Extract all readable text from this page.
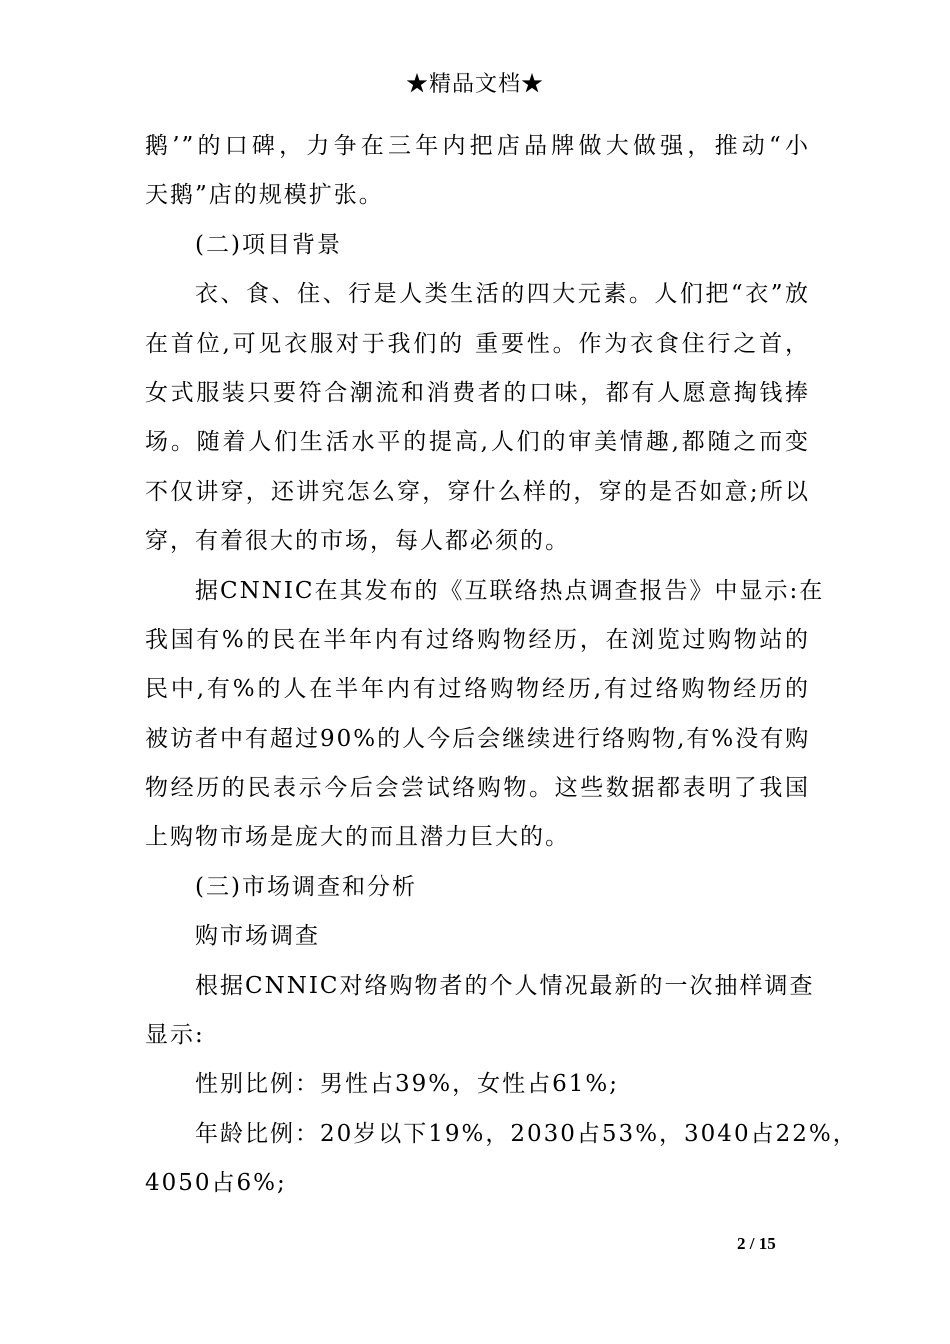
★精品文档★
鹅’”的口碑，力争在三年内把店品牌做大做强，推动“小
天鹅”店的规模扩张。
(二)项目背景
衣、食、住、行是人类生活的四大元素。人们把“衣”放
在首位,可见衣服对于我们的 重要性。作为衣食住行之首，
女式服装只要符合潮流和消费者的口味，都有人愿意掏钱捧
场。随着人们生活水平的提高,人们的审美情趣,都随之而变
不仅讲穿，还讲究怎么穿，穿什么样的，穿的是否如意;所以
穿，有着很大的市场，每人都必须的。
据CNNIC在其发布的《互联络热点调查报告》中显示:在
我国有%的民在半年内有过络购物经历，在浏览过购物站的
民中,有%的人在半年内有过络购物经历,有过络购物经历的
被访者中有超过90%的人今后会继续进行络购物,有%没有购
物经历的民表示今后会尝试络购物。这些数据都表明了我国
上购物市场是庞大的而且潜力巨大的。
(三)市场调查和分析
购市场调查
根据CNNIC对络购物者的个人情况最新的一次抽样调查
显示:
性别比例：男性占39%，女性占61%;
年龄比例：20岁以下19%，2030占53%，3040占22%，
4050占6%;
2 / 15
